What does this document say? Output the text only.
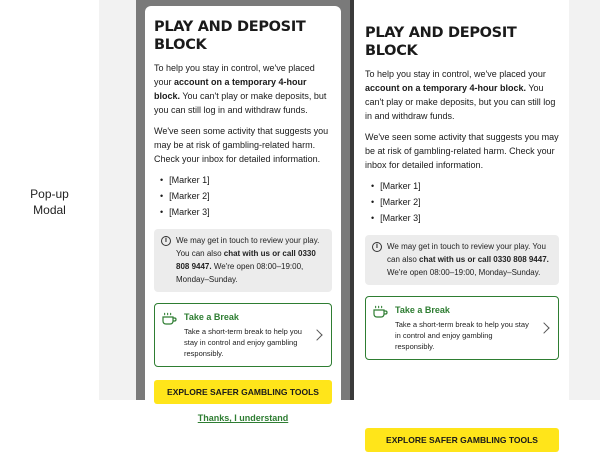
Pop-up
Modal
PLAY AND DEPOSIT BLOCK

To help you stay in control, we've placed your account on a temporary 4-hour block. You can't play or make deposits, but you can still log in and withdraw funds.

We've seen some activity that suggests you may be at risk of gambling-related harm. Check your inbox for detailed information.

• [Marker 1]
• [Marker 2]
• [Marker 3]
i	We may get in touch to review your play. You can also chat with us or call 0330 808 9447. We're open 08:00–19:00, Monday–Sunday.
Take a Break
Take a short-term break to help you stay in control and enjoy gambling responsibly.
EXPLORE SAFER GAMBLING TOOLS
Thanks, I understand
PLAY AND DEPOSIT BLOCK

To help you stay in control, we've placed your account on a temporary 4-hour block. You can't play or make deposits, but you can still log in and withdraw funds.

We've seen some activity that suggests you may be at risk of gambling-related harm. Check your inbox for detailed information.

• [Marker 1]
• [Marker 2]
• [Marker 3]
i	We may get in touch to review your play. You can also chat with us or call 0330 808 9447. We're open 08:00–19:00, Monday–Sunday.
Take a Break
Take a short-term break to help you stay in control and enjoy gambling responsibly.
EXPLORE SAFER GAMBLING TOOLS
